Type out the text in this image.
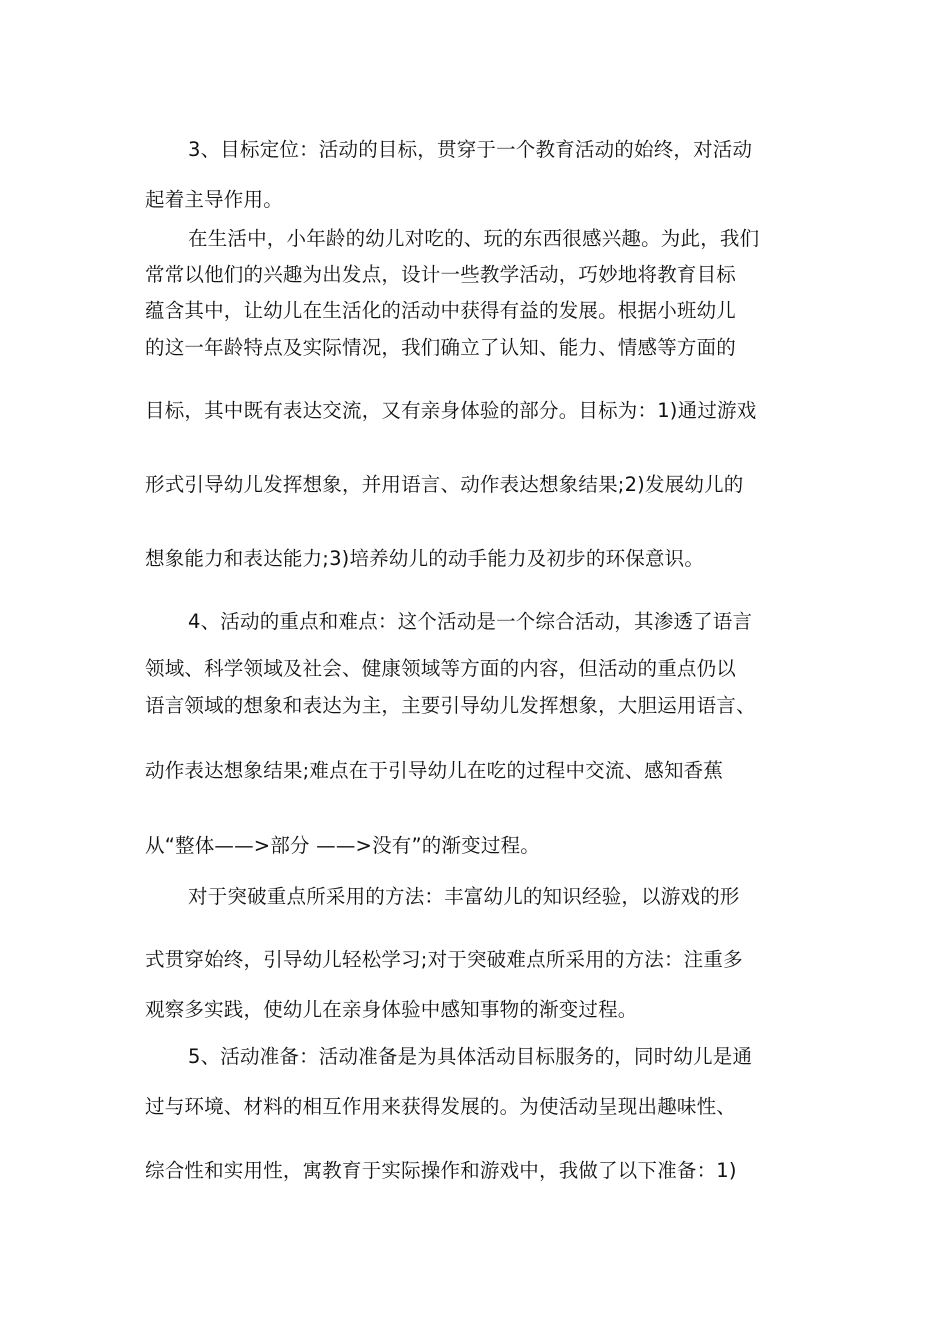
3、目标定位：活动的目标，贯穿于一个教育活动的始终，对活动
起着主导作用。
在生活中，小年龄的幼儿对吃的、玩的东西很感兴趣。为此，我们
常常以他们的兴趣为出发点，设计一些教学活动，巧妙地将教育目标
蕴含其中，让幼儿在生活化的活动中获得有益的发展。根据小班幼儿
的这一年龄特点及实际情况，我们确立了认知、能力、情感等方面的
目标，其中既有表达交流，又有亲身体验的部分。目标为：1)通过游戏
形式引导幼儿发挥想象，并用语言、动作表达想象结果;2)发展幼儿的
想象能力和表达能力;3)培养幼儿的动手能力及初步的环保意识。
4、活动的重点和难点：这个活动是一个综合活动，其渗透了语言
领域、科学领域及社会、健康领域等方面的内容，但活动的重点仍以
语言领域的想象和表达为主，主要引导幼儿发挥想象，大胆运用语言、
动作表达想象结果;难点在于引导幼儿在吃的过程中交流、感知香蕉
从“整体——>部分 ——>没有”的渐变过程。
对于突破重点所采用的方法：丰富幼儿的知识经验，以游戏的形
式贯穿始终，引导幼儿轻松学习;对于突破难点所采用的方法：注重多
观察多实践，使幼儿在亲身体验中感知事物的渐变过程。
5、活动准备：活动准备是为具体活动目标服务的，同时幼儿是通
过与环境、材料的相互作用来获得发展的。为使活动呈现出趣味性、
综合性和实用性，寓教育于实际操作和游戏中，我做了以下准备：1)
